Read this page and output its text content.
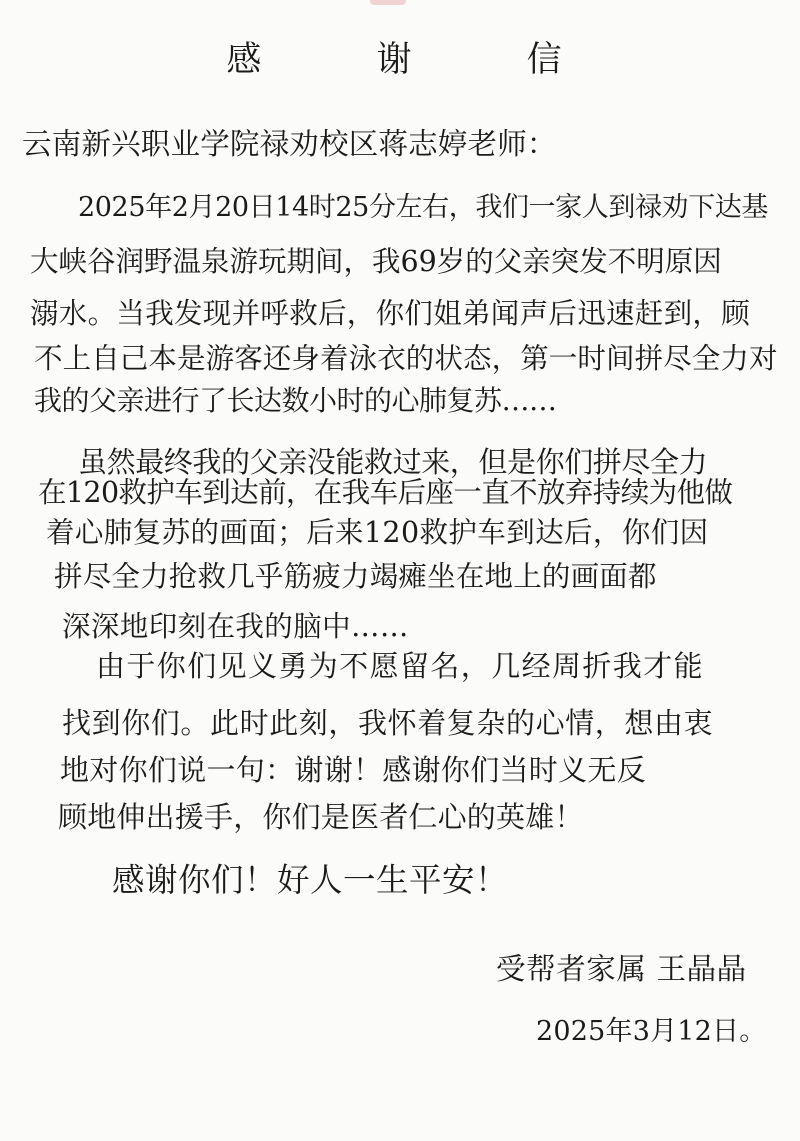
感 谢 信
云南新兴职业学院禄劝校区蒋志婷老师：
2025年2月20日14时25分左右，我们一家人到禄劝下达基
大峡谷润野温泉游玩期间，我69岁的父亲突发不明原因
溺水。当我发现并呼救后，你们姐弟闻声后迅速赶到，顾
不上自己本是游客还身着泳衣的状态，第一时间拼尽全力对
我的父亲进行了长达数小时的心肺复苏……
虽然最终我的父亲没能救过来，但是你们拼尽全力
在120救护车到达前，在我车后座一直不放弃持续为他做
着心肺复苏的画面；后来120救护车到达后，你们因
拼尽全力抢救几乎筋疲力竭瘫坐在地上的画面都
深深地印刻在我的脑中……
由于你们见义勇为不愿留名，几经周折我才能
找到你们。此时此刻，我怀着复杂的心情，想由衷
地对你们说一句：谢谢！感谢你们当时义无反
顾地伸出援手，你们是医者仁心的英雄！
感谢你们！好人一生平安！
受帮者家属 王晶晶
2025年3月12日。
